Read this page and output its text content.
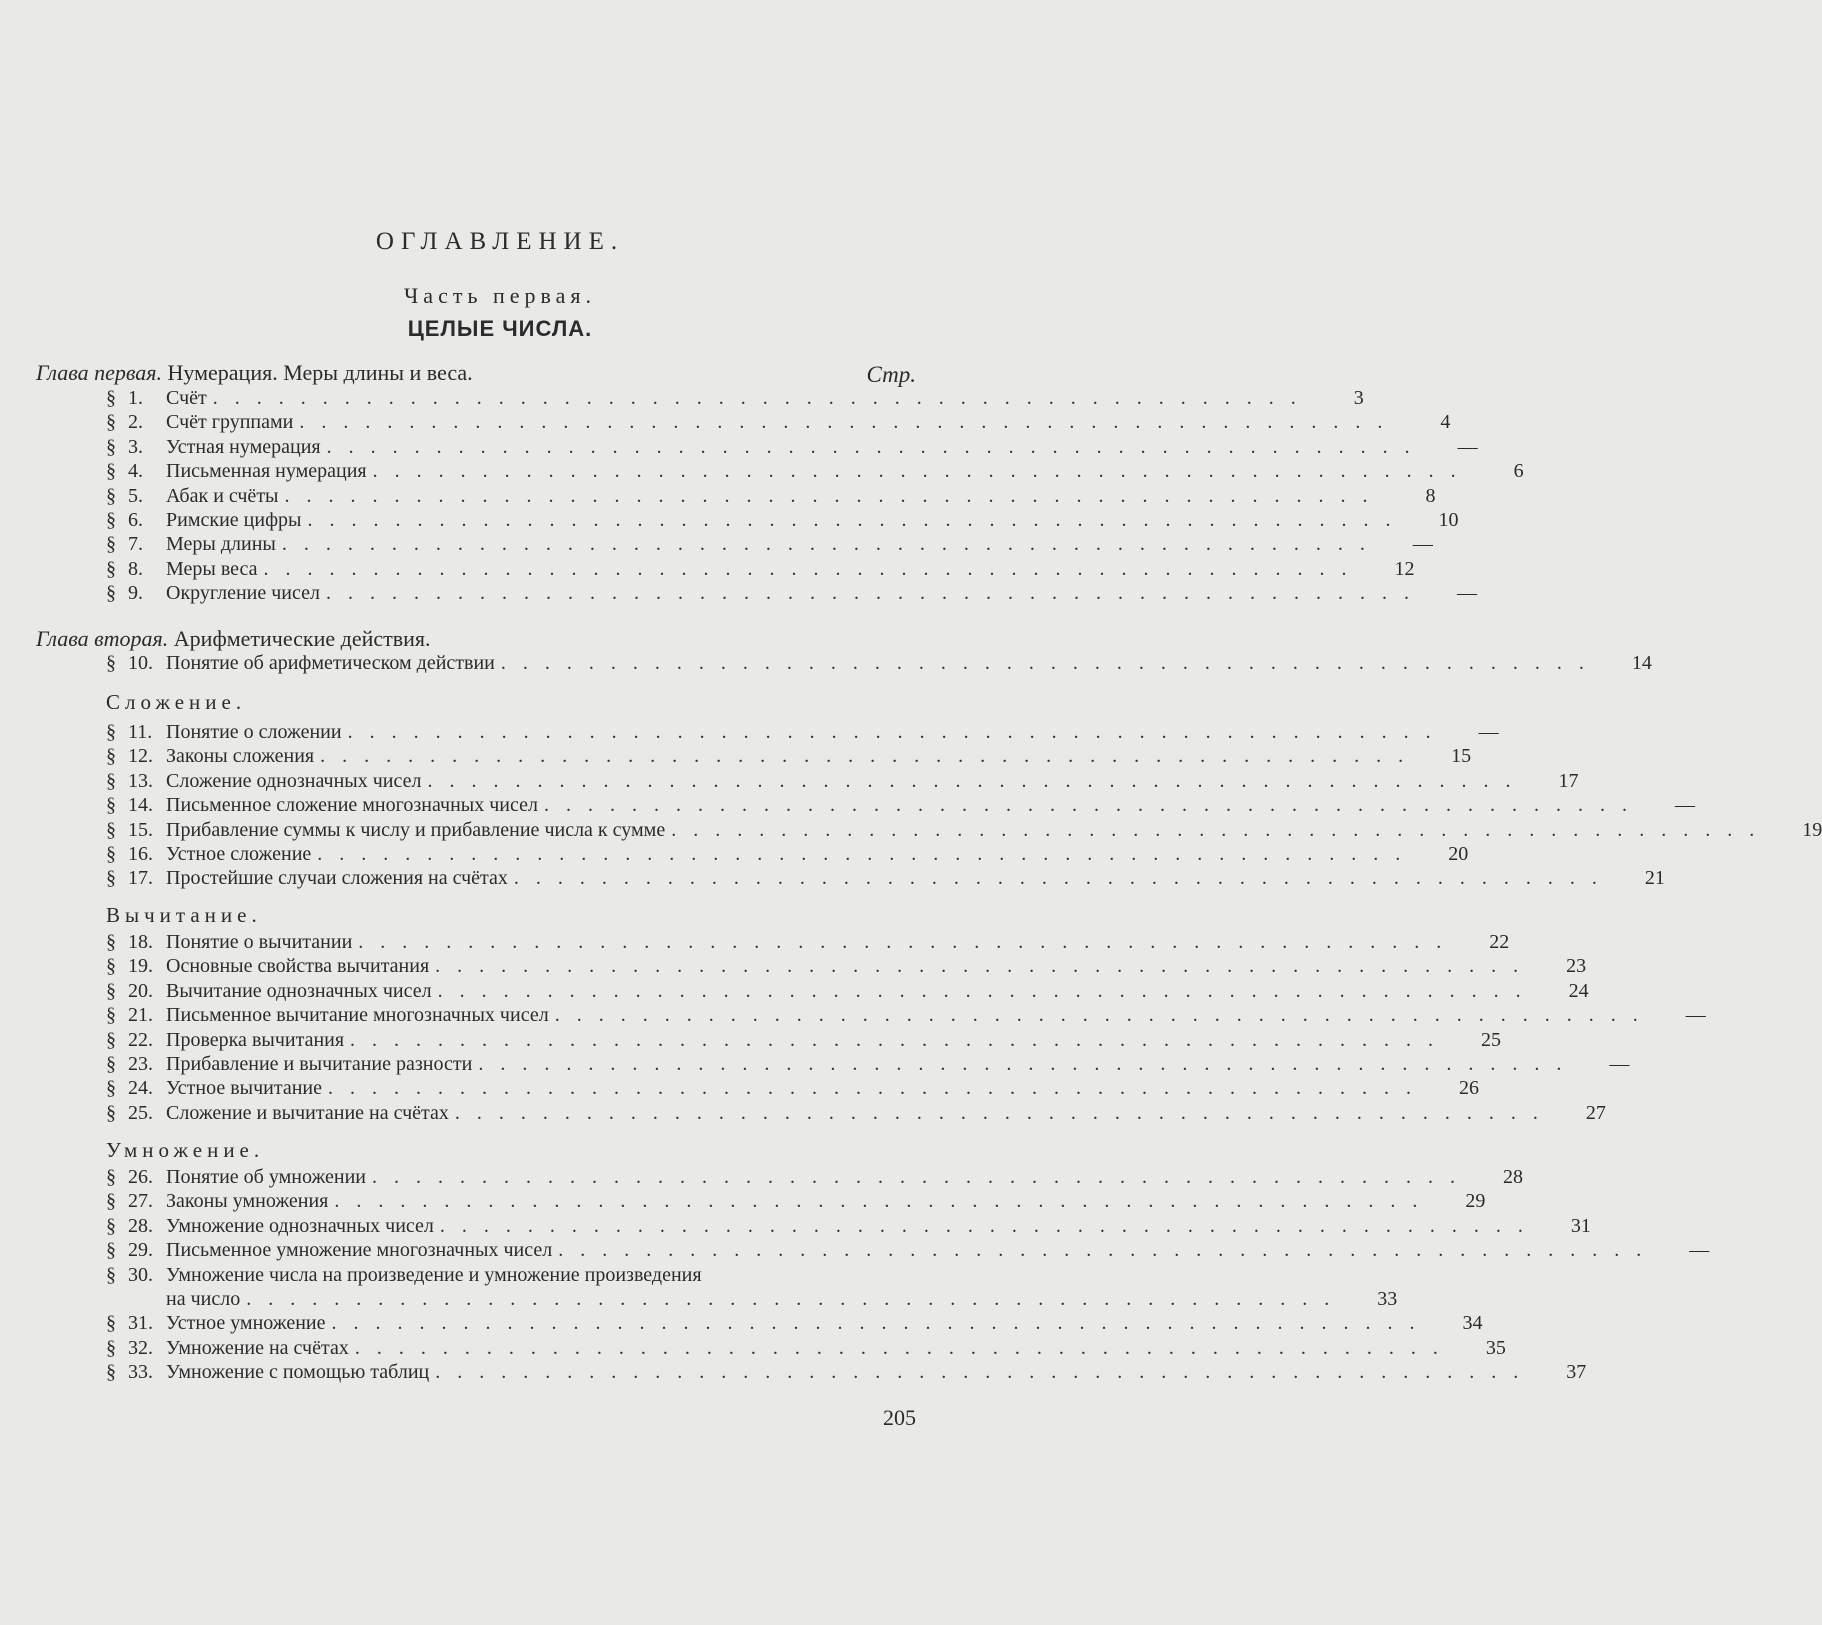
ОГЛАВЛЕНИЕ.
Часть первая.
ЦЕЛЫЕ ЧИСЛА.
Глава первая. Нумерация. Меры длины и веса.	Стр.
§ 1.	Счёт . . . . . . . . . . . . . . . . . . . . . . . . . . . . . . . . . . . . . . . . . . . . . . . . . .	3
§ 2.	Счёт группами . . . . . . . . . . . . . . . . . . . . . . . . . . . . . . . . . . . . . . . . . . . . . . . . . .	4
§ 3.	Устная нумерация . . . . . . . . . . . . . . . . . . . . . . . . . . . . . . . . . . . . . . . . . . . . . . . . . .	—
§ 4.	Письменная нумерация . . . . . . . . . . . . . . . . . . . . . . . . . . . . . . . . . . . . . . . . . . . . . . . . . .	6
§ 5.	Абак и счёты . . . . . . . . . . . . . . . . . . . . . . . . . . . . . . . . . . . . . . . . . . . . . . . . . .	8
§ 6.	Римские цифры . . . . . . . . . . . . . . . . . . . . . . . . . . . . . . . . . . . . . . . . . . . . . . . . . .	10
§ 7.	Меры длины . . . . . . . . . . . . . . . . . . . . . . . . . . . . . . . . . . . . . . . . . . . . . . . . . .	—
§ 8.	Меры веса . . . . . . . . . . . . . . . . . . . . . . . . . . . . . . . . . . . . . . . . . . . . . . . . . .	12
§ 9.	Округление чисел . . . . . . . . . . . . . . . . . . . . . . . . . . . . . . . . . . . . . . . . . . . . . . . . . .	—
§ 10. Понятие об арифметическом действии . . . . . . . . . . . . . . . . . . . . . . . . . . . . . . . . . . . . . . . . . . . . . . . . . .	14
§ 11. Понятие о сложении . . . . . . . . . . . . . . . . . . . . . . . . . . . . . . . . . . . . . . . . . . . . . . . . . .	—
§ 12. Законы сложения . . . . . . . . . . . . . . . . . . . . . . . . . . . . . . . . . . . . . . . . . . . . . . . . . .	15
§ 13. Сложение однозначных чисел . . . . . . . . . . . . . . . . . . . . . . . . . . . . . . . . . . . . . . . . . . . . . . . . . .	17
§ 14. Письменное сложение многозначных чисел . . . . . . . . . . . . . . . . . . . . . . . . . . . . . . . . . . . . . . . . . . . . . . . . . .	—
§ 15. Прибавление суммы к числу и прибавление числа к сумме . . . . . . . . . . . . . . . . . . . . . . . . . . . . . . . . . . . . . . . . . . . . . . . . . .	19
§ 16. Устное сложение . . . . . . . . . . . . . . . . . . . . . . . . . . . . . . . . . . . . . . . . . . . . . . . . . .	20
§ 17. Простейшие случаи сложения на счётах . . . . . . . . . . . . . . . . . . . . . . . . . . . . . . . . . . . . . . . . . . . . . . . . . .	21
§ 18. Понятие о вычитании . . . . . . . . . . . . . . . . . . . . . . . . . . . . . . . . . . . . . . . . . . . . . . . . . .	22
§ 19. Основные свойства вычитания . . . . . . . . . . . . . . . . . . . . . . . . . . . . . . . . . . . . . . . . . . . . . . . . . .	23
§ 20. Вычитание однозначных чисел . . . . . . . . . . . . . . . . . . . . . . . . . . . . . . . . . . . . . . . . . . . . . . . . . .	24
§ 21. Письменное вычитание многозначных чисел . . . . . . . . . . . . . . . . . . . . . . . . . . . . . . . . . . . . . . . . . . . . . . . . . .	—
§ 22. Проверка вычитания . . . . . . . . . . . . . . . . . . . . . . . . . . . . . . . . . . . . . . . . . . . . . . . . . .	25
§ 23. Прибавление и вычитание разности . . . . . . . . . . . . . . . . . . . . . . . . . . . . . . . . . . . . . . . . . . . . . . . . . .	—
§ 24. Устное вычитание . . . . . . . . . . . . . . . . . . . . . . . . . . . . . . . . . . . . . . . . . . . . . . . . . .	26
§ 25. Сложение и вычитание на счётах . . . . . . . . . . . . . . . . . . . . . . . . . . . . . . . . . . . . . . . . . . . . . . . . . .	27
§ 26. Понятие об умножении . . . . . . . . . . . . . . . . . . . . . . . . . . . . . . . . . . . . . . . . . . . . . . . . . .	28
§ 27. Законы умножения . . . . . . . . . . . . . . . . . . . . . . . . . . . . . . . . . . . . . . . . . . . . . . . . . .	29
§ 28. Умножение однозначных чисел . . . . . . . . . . . . . . . . . . . . . . . . . . . . . . . . . . . . . . . . . . . . . . . . . .	31
§ 29. Письменное умножение многозначных чисел . . . . . . . . . . . . . . . . . . . . . . . . . . . . . . . . . . . . . . . . . . . . . . . . . .	—
§ 30. Умножение числа на произведение и умножение произведения
на число . . . . . . . . . . . . . . . . . . . . . . . . . . . . . . . . . . . . . . . . . . . . . . . . . .	33
§ 31. Устное умножение . . . . . . . . . . . . . . . . . . . . . . . . . . . . . . . . . . . . . . . . . . . . . . . . . .	34
§ 32. Умножение на счётах . . . . . . . . . . . . . . . . . . . . . . . . . . . . . . . . . . . . . . . . . . . . . . . . . .	35
§ 33. Умножение с помощью таблиц . . . . . . . . . . . . . . . . . . . . . . . . . . . . . . . . . . . . . . . . . . . . . . . . . .	37
Глава вторая. Арифметические действия.
Сложение.
Вычитание.
Умножение.
205
